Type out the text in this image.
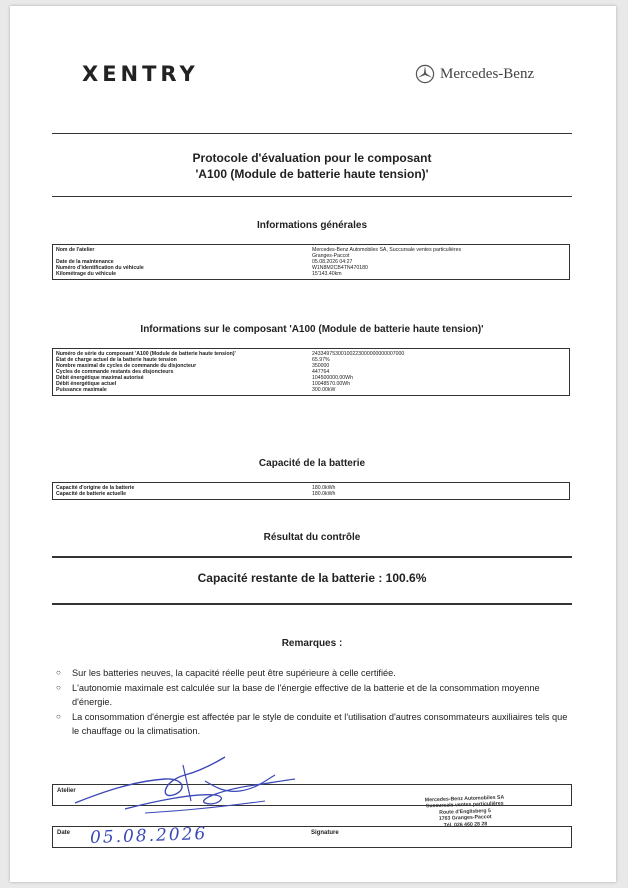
XENTRY	Mercedes-Benz
Protocole d'évaluation pour le composant
'A100 (Module de batterie haute tension)'
Informations générales
Nom de l'atelier	Mercedes-Benz Automobiles SA, Succursale ventes particulières
Granges-Paccot
Date de la maintenance	05.08.2026 04:27
Numéro d'identification du véhicule	W1N8M2CB4TN470180
Kilométrage du véhicule	15'143.40km
Informations sur le composant 'A100 (Module de batterie haute tension)'
Numéro de série du composant 'A100 (Module de batterie haute tension)'	24334975300100223000000000007000
État de charge actuel de la batterie haute tension	65.97%
Nombre maximal de cycles de commande du disjoncteur	350000
Cycles de commande restants des disjoncteurs	447764
Débit énergétique maximal autorisé	104500000.00Wh
Débit énergétique actuel	10048570.00Wh
Puissance maximale	300.00kW
Capacité de la batterie
Capacité d'origine de la batterie	180.0kWh
Capacité de batterie actuelle	180.0kWh
Résultat du contrôle
Capacité restante de la batterie : 100.6%
Remarques :
○	Sur les batteries neuves, la capacité réelle peut être supérieure à celle certifiée.
○	L'autonomie maximale est calculée sur la base de l'énergie effective de la batterie et de la consommation moyenne d'énergie.
○	La consommation d'énergie est affectée par le style de conduite et l'utilisation d'autres consommateurs auxiliaires tels que le chauffage ou la climatisation.
Atelier
Mercedes-Benz Automobiles SA
Succursale ventes particulières
Route d'Englisberg 5
1763 Granges-Paccot
Tél. 026 460 28 28
Date	Signature
05.08.2026
